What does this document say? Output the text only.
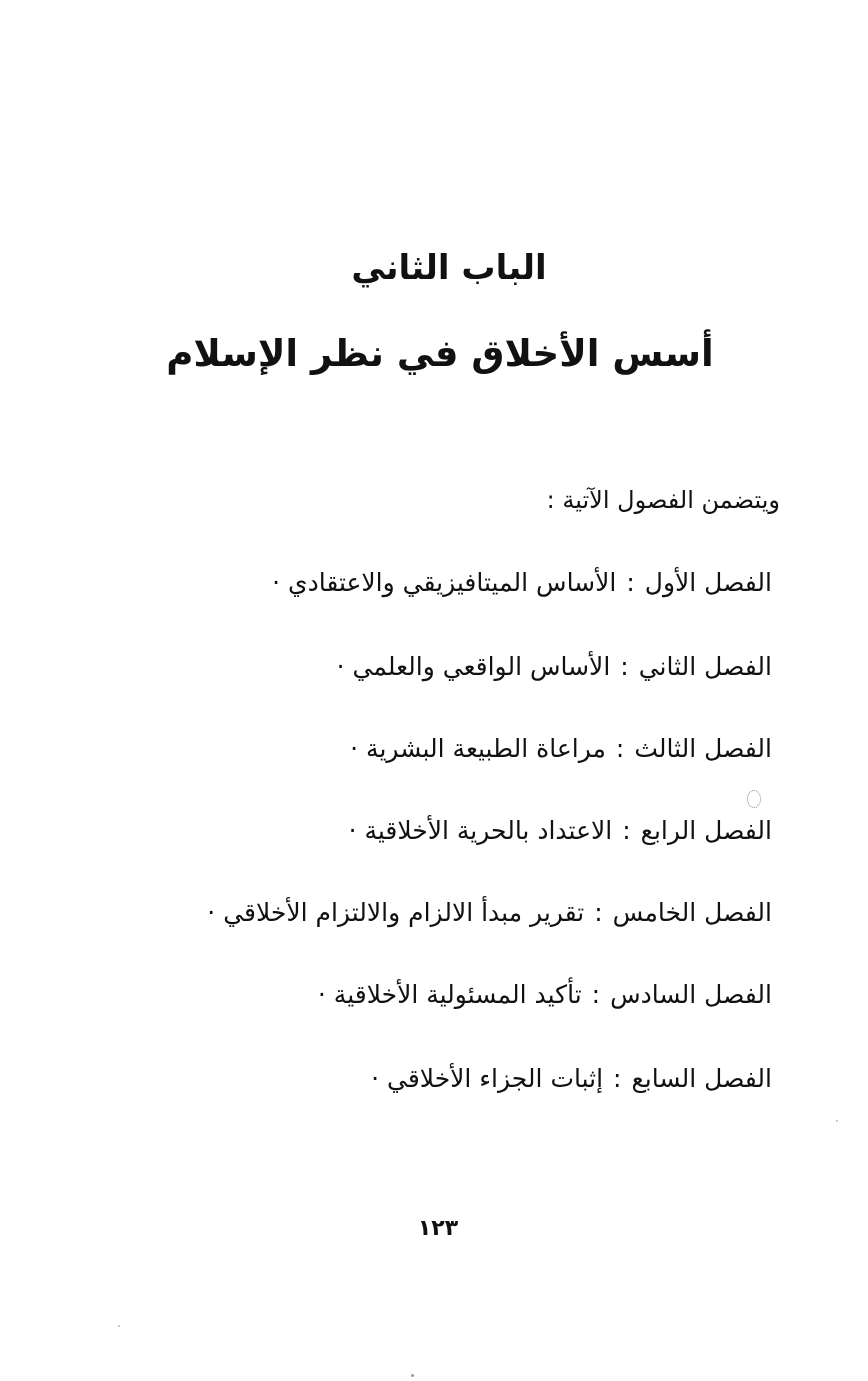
الباب الثاني
أسس الأخلاق في نظر الإسلام
ويتضمن الفصول الآتية :
الفصل الأول:الأساس الميتافيزيقي والاعتقادي ·
الفصل الثاني:الأساس الواقعي والعلمي ·
الفصل الثالث:مراعاة الطبيعة البشرية ·
الفصل الرابع:الاعتداد بالحرية الأخلاقية ·
الفصل الخامس:تقرير مبدأ الالزام والالتزام الأخلاقي ·
الفصل السادس:تأكيد المسئولية الأخلاقية ·
الفصل السابع:إثبات الجزاء الأخلاقي ·
١٢٣
